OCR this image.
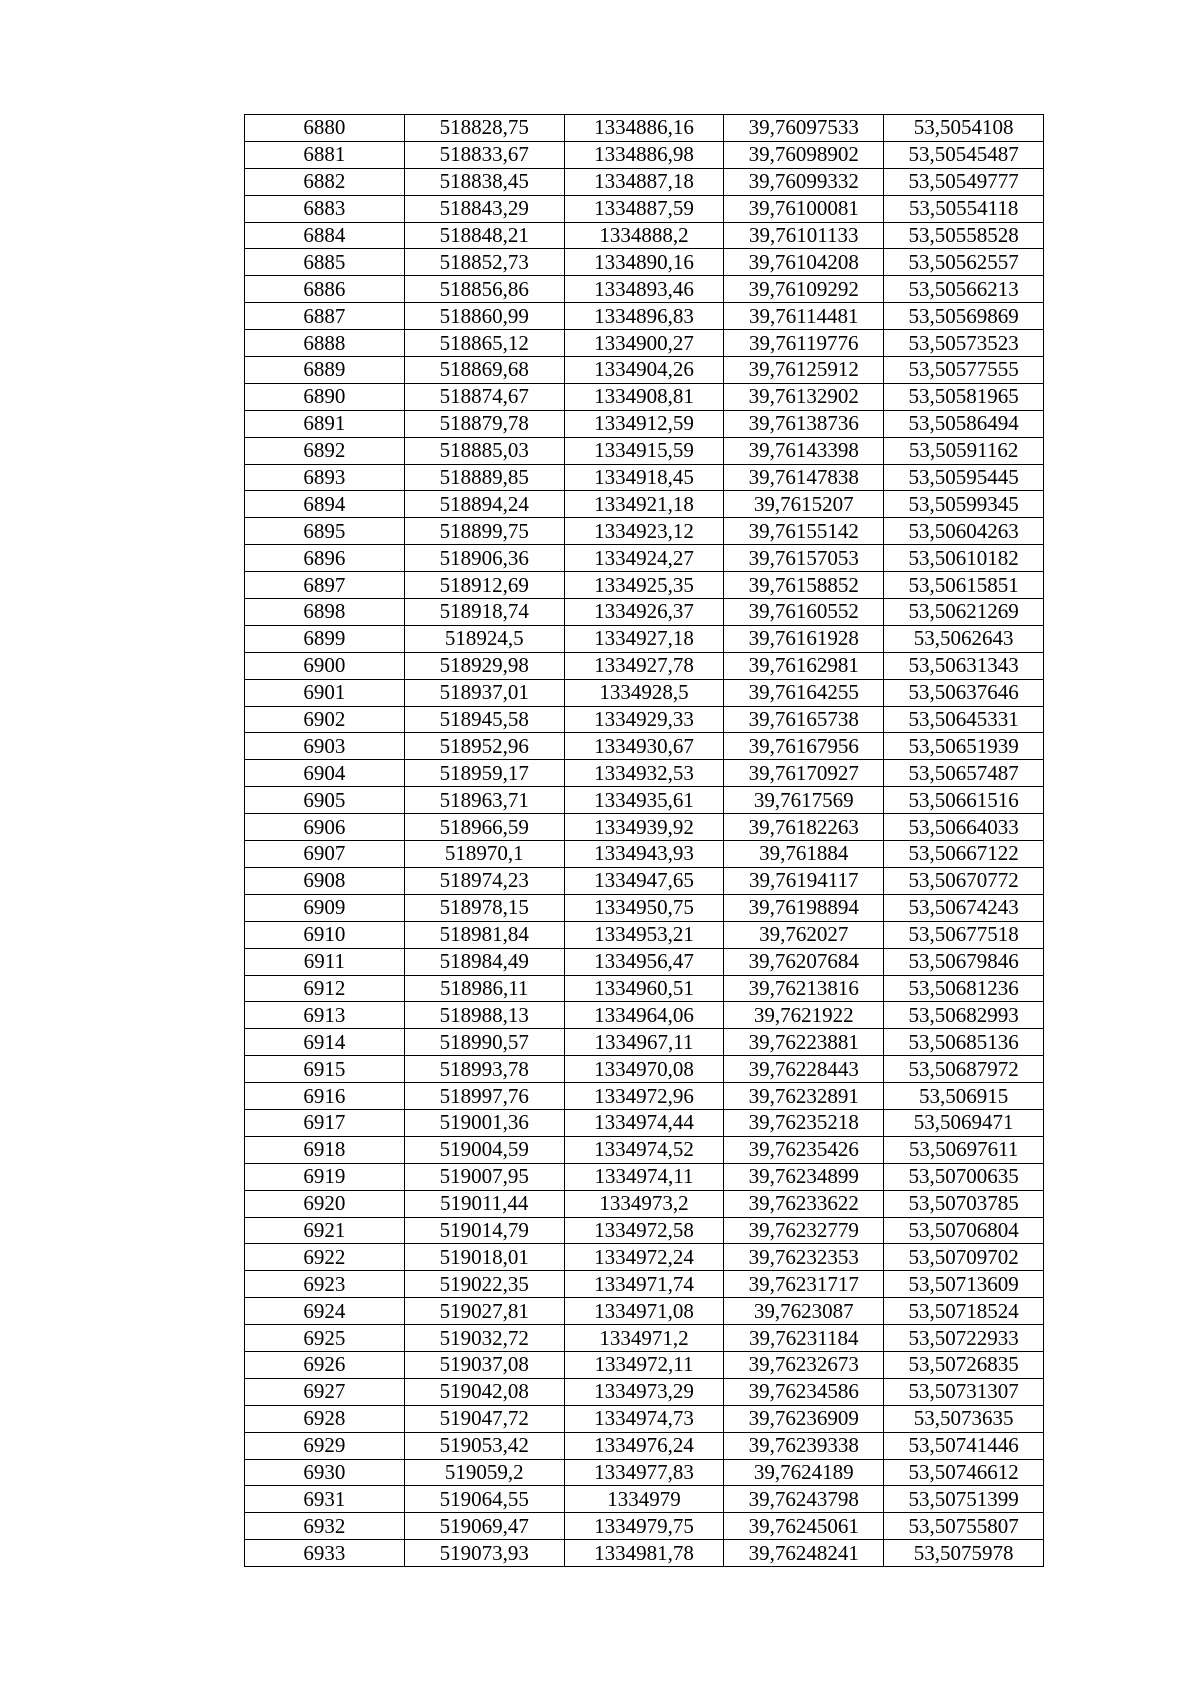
6880	518828,75	1334886,16	39,76097533	53,5054108
6881	518833,67	1334886,98	39,76098902	53,50545487
6882	518838,45	1334887,18	39,76099332	53,50549777
6883	518843,29	1334887,59	39,76100081	53,50554118
6884	518848,21	1334888,2	39,76101133	53,50558528
6885	518852,73	1334890,16	39,76104208	53,50562557
6886	518856,86	1334893,46	39,76109292	53,50566213
6887	518860,99	1334896,83	39,76114481	53,50569869
6888	518865,12	1334900,27	39,76119776	53,50573523
6889	518869,68	1334904,26	39,76125912	53,50577555
6890	518874,67	1334908,81	39,76132902	53,50581965
6891	518879,78	1334912,59	39,76138736	53,50586494
6892	518885,03	1334915,59	39,76143398	53,50591162
6893	518889,85	1334918,45	39,76147838	53,50595445
6894	518894,24	1334921,18	39,7615207	53,50599345
6895	518899,75	1334923,12	39,76155142	53,50604263
6896	518906,36	1334924,27	39,76157053	53,50610182
6897	518912,69	1334925,35	39,76158852	53,50615851
6898	518918,74	1334926,37	39,76160552	53,50621269
6899	518924,5	1334927,18	39,76161928	53,5062643
6900	518929,98	1334927,78	39,76162981	53,50631343
6901	518937,01	1334928,5	39,76164255	53,50637646
6902	518945,58	1334929,33	39,76165738	53,50645331
6903	518952,96	1334930,67	39,76167956	53,50651939
6904	518959,17	1334932,53	39,76170927	53,50657487
6905	518963,71	1334935,61	39,7617569	53,50661516
6906	518966,59	1334939,92	39,76182263	53,50664033
6907	518970,1	1334943,93	39,761884	53,50667122
6908	518974,23	1334947,65	39,76194117	53,50670772
6909	518978,15	1334950,75	39,76198894	53,50674243
6910	518981,84	1334953,21	39,762027	53,50677518
6911	518984,49	1334956,47	39,76207684	53,50679846
6912	518986,11	1334960,51	39,76213816	53,50681236
6913	518988,13	1334964,06	39,7621922	53,50682993
6914	518990,57	1334967,11	39,76223881	53,50685136
6915	518993,78	1334970,08	39,76228443	53,50687972
6916	518997,76	1334972,96	39,76232891	53,506915
6917	519001,36	1334974,44	39,76235218	53,5069471
6918	519004,59	1334974,52	39,76235426	53,50697611
6919	519007,95	1334974,11	39,76234899	53,50700635
6920	519011,44	1334973,2	39,76233622	53,50703785
6921	519014,79	1334972,58	39,76232779	53,50706804
6922	519018,01	1334972,24	39,76232353	53,50709702
6923	519022,35	1334971,74	39,76231717	53,50713609
6924	519027,81	1334971,08	39,7623087	53,50718524
6925	519032,72	1334971,2	39,76231184	53,50722933
6926	519037,08	1334972,11	39,76232673	53,50726835
6927	519042,08	1334973,29	39,76234586	53,50731307
6928	519047,72	1334974,73	39,76236909	53,5073635
6929	519053,42	1334976,24	39,76239338	53,50741446
6930	519059,2	1334977,83	39,7624189	53,50746612
6931	519064,55	1334979	39,76243798	53,50751399
6932	519069,47	1334979,75	39,76245061	53,50755807
6933	519073,93	1334981,78	39,76248241	53,5075978
